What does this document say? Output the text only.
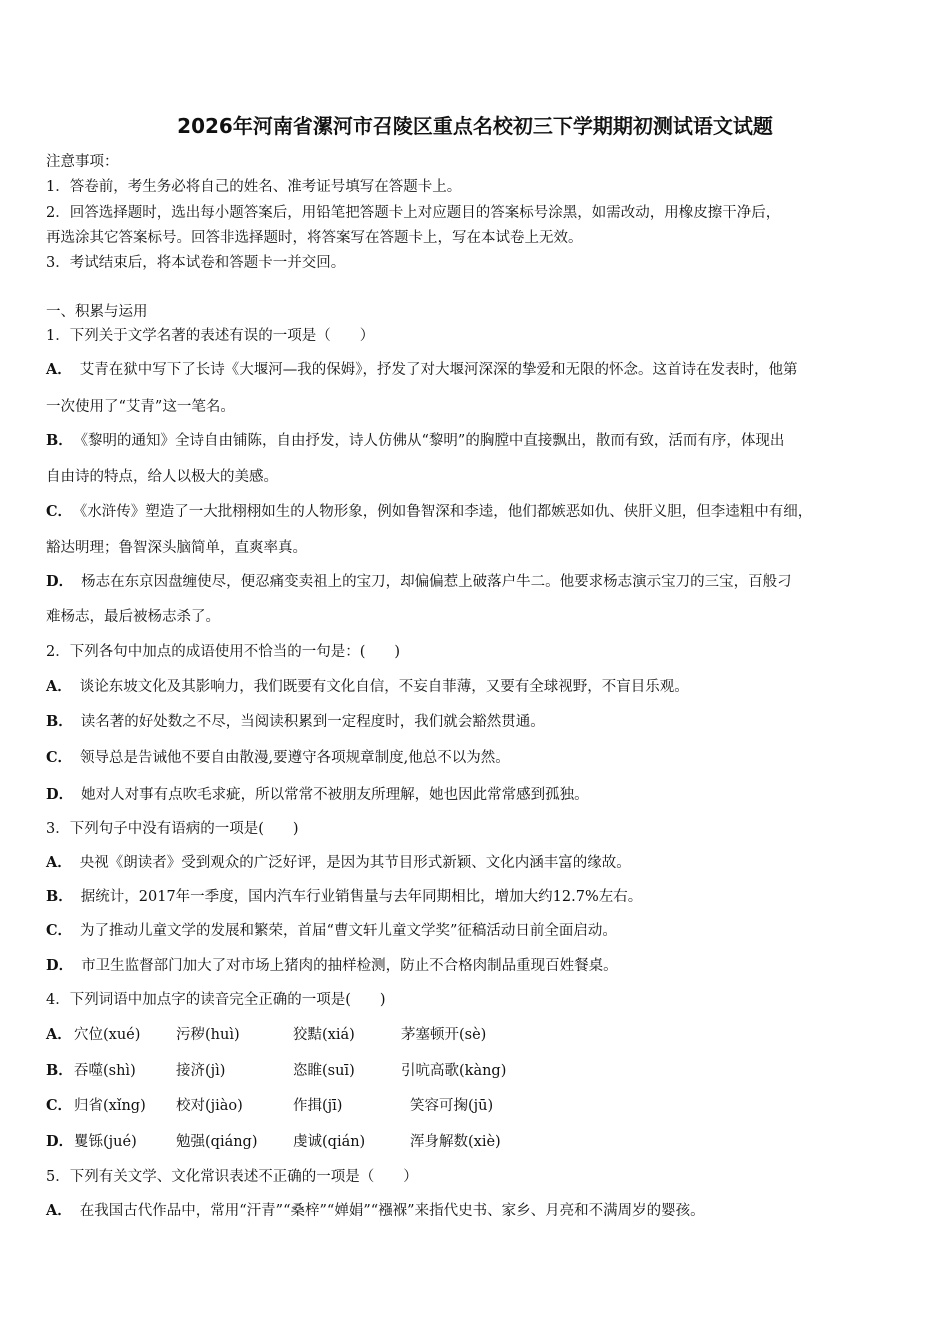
2026年河南省漯河市召陵区重点名校初三下学期期初测试语文试题
注意事项：
1．答卷前，考生务必将自己的姓名、准考证号填写在答题卡上。
2．回答选择题时，选出每小题答案后，用铅笔把答题卡上对应题目的答案标号涂黑，如需改动，用橡皮擦干净后，
再选涂其它答案标号。回答非选择题时，将答案写在答题卡上，写在本试卷上无效。
3．考试结束后，将本试卷和答题卡一并交回。
一、积累与运用
1．下列关于文学名著的表述有误的一项是（　　）
A． 艾青在狱中写下了长诗《大堰河—我的保姆》，抒发了对大堰河深深的挚爱和无限的怀念。这首诗在发表时，他第
一次使用了“艾青”这一笔名。
B． 《黎明的通知》全诗自由铺陈，自由抒发，诗人仿佛从“黎明”的胸膛中直接飘出，散而有致，活而有序，体现出
自由诗的特点，给人以极大的美感。
C． 《水浒传》塑造了一大批栩栩如生的人物形象，例如鲁智深和李逵，他们都嫉恶如仇、侠肝义胆，但李逵粗中有细，
豁达明理；鲁智深头脑简单，直爽率真。
D． 杨志在东京因盘缠使尽，便忍痛变卖祖上的宝刀，却偏偏惹上破落户牛二。他要求杨志演示宝刀的三宝，百般刁
难杨志，最后被杨志杀了。
2．下列各句中加点的成语使用不恰当的一句是：(　　)
A． 谈论东坡文化及其影响力，我们既要有文化自信，不妄自菲薄，又要有全球视野，不盲目乐观。
B． 读名著的好处数之不尽，当阅读积累到一定程度时，我们就会豁然贯通。
C． 领导总是告诫他不要自由散漫,要遵守各项规章制度,他总不以为然。
D． 她对人对事有点吹毛求疵，所以常常不被朋友所理解，她也因此常常感到孤独。
3．下列句子中没有语病的一项是(　　)
A． 央视《朗读者》受到观众的广泛好评，是因为其节目形式新颖、文化内涵丰富的缘故。
B． 据统计，2017年一季度，国内汽车行业销售量与去年同期相比，增加大约12.7%左右。
C． 为了推动儿童文学的发展和繁荣，首届“曹文轩儿童文学奖”征稿活动日前全面启动。
D． 市卫生监督部门加大了对市场上猪肉的抽样检测，防止不合格肉制品重现百姓餐桌。
4．下列词语中加点字的读音完全正确的一项是(　　)
A． 穴位(xué) 污秽(huì)	狡黠(xiá)	茅塞顿开(sè)
B． 吞噬(shì)	接济(jì)	恣睢(suī)	引吭高歌(kàng)
C． 归省(xǐng) 校对(jiào)	作揖(jī)	笑容可掬(jū)
D． 矍铄(jué)	勉强(qiáng) 虔诚(qián)	浑身解数(xiè)
5．下列有关文学、文化常识表述不正确的一项是（　　）
A． 在我国古代作品中，常用“汗青”“桑梓”“婵娟”“襁褓”来指代史书、家乡、月亮和不满周岁的婴孩。
